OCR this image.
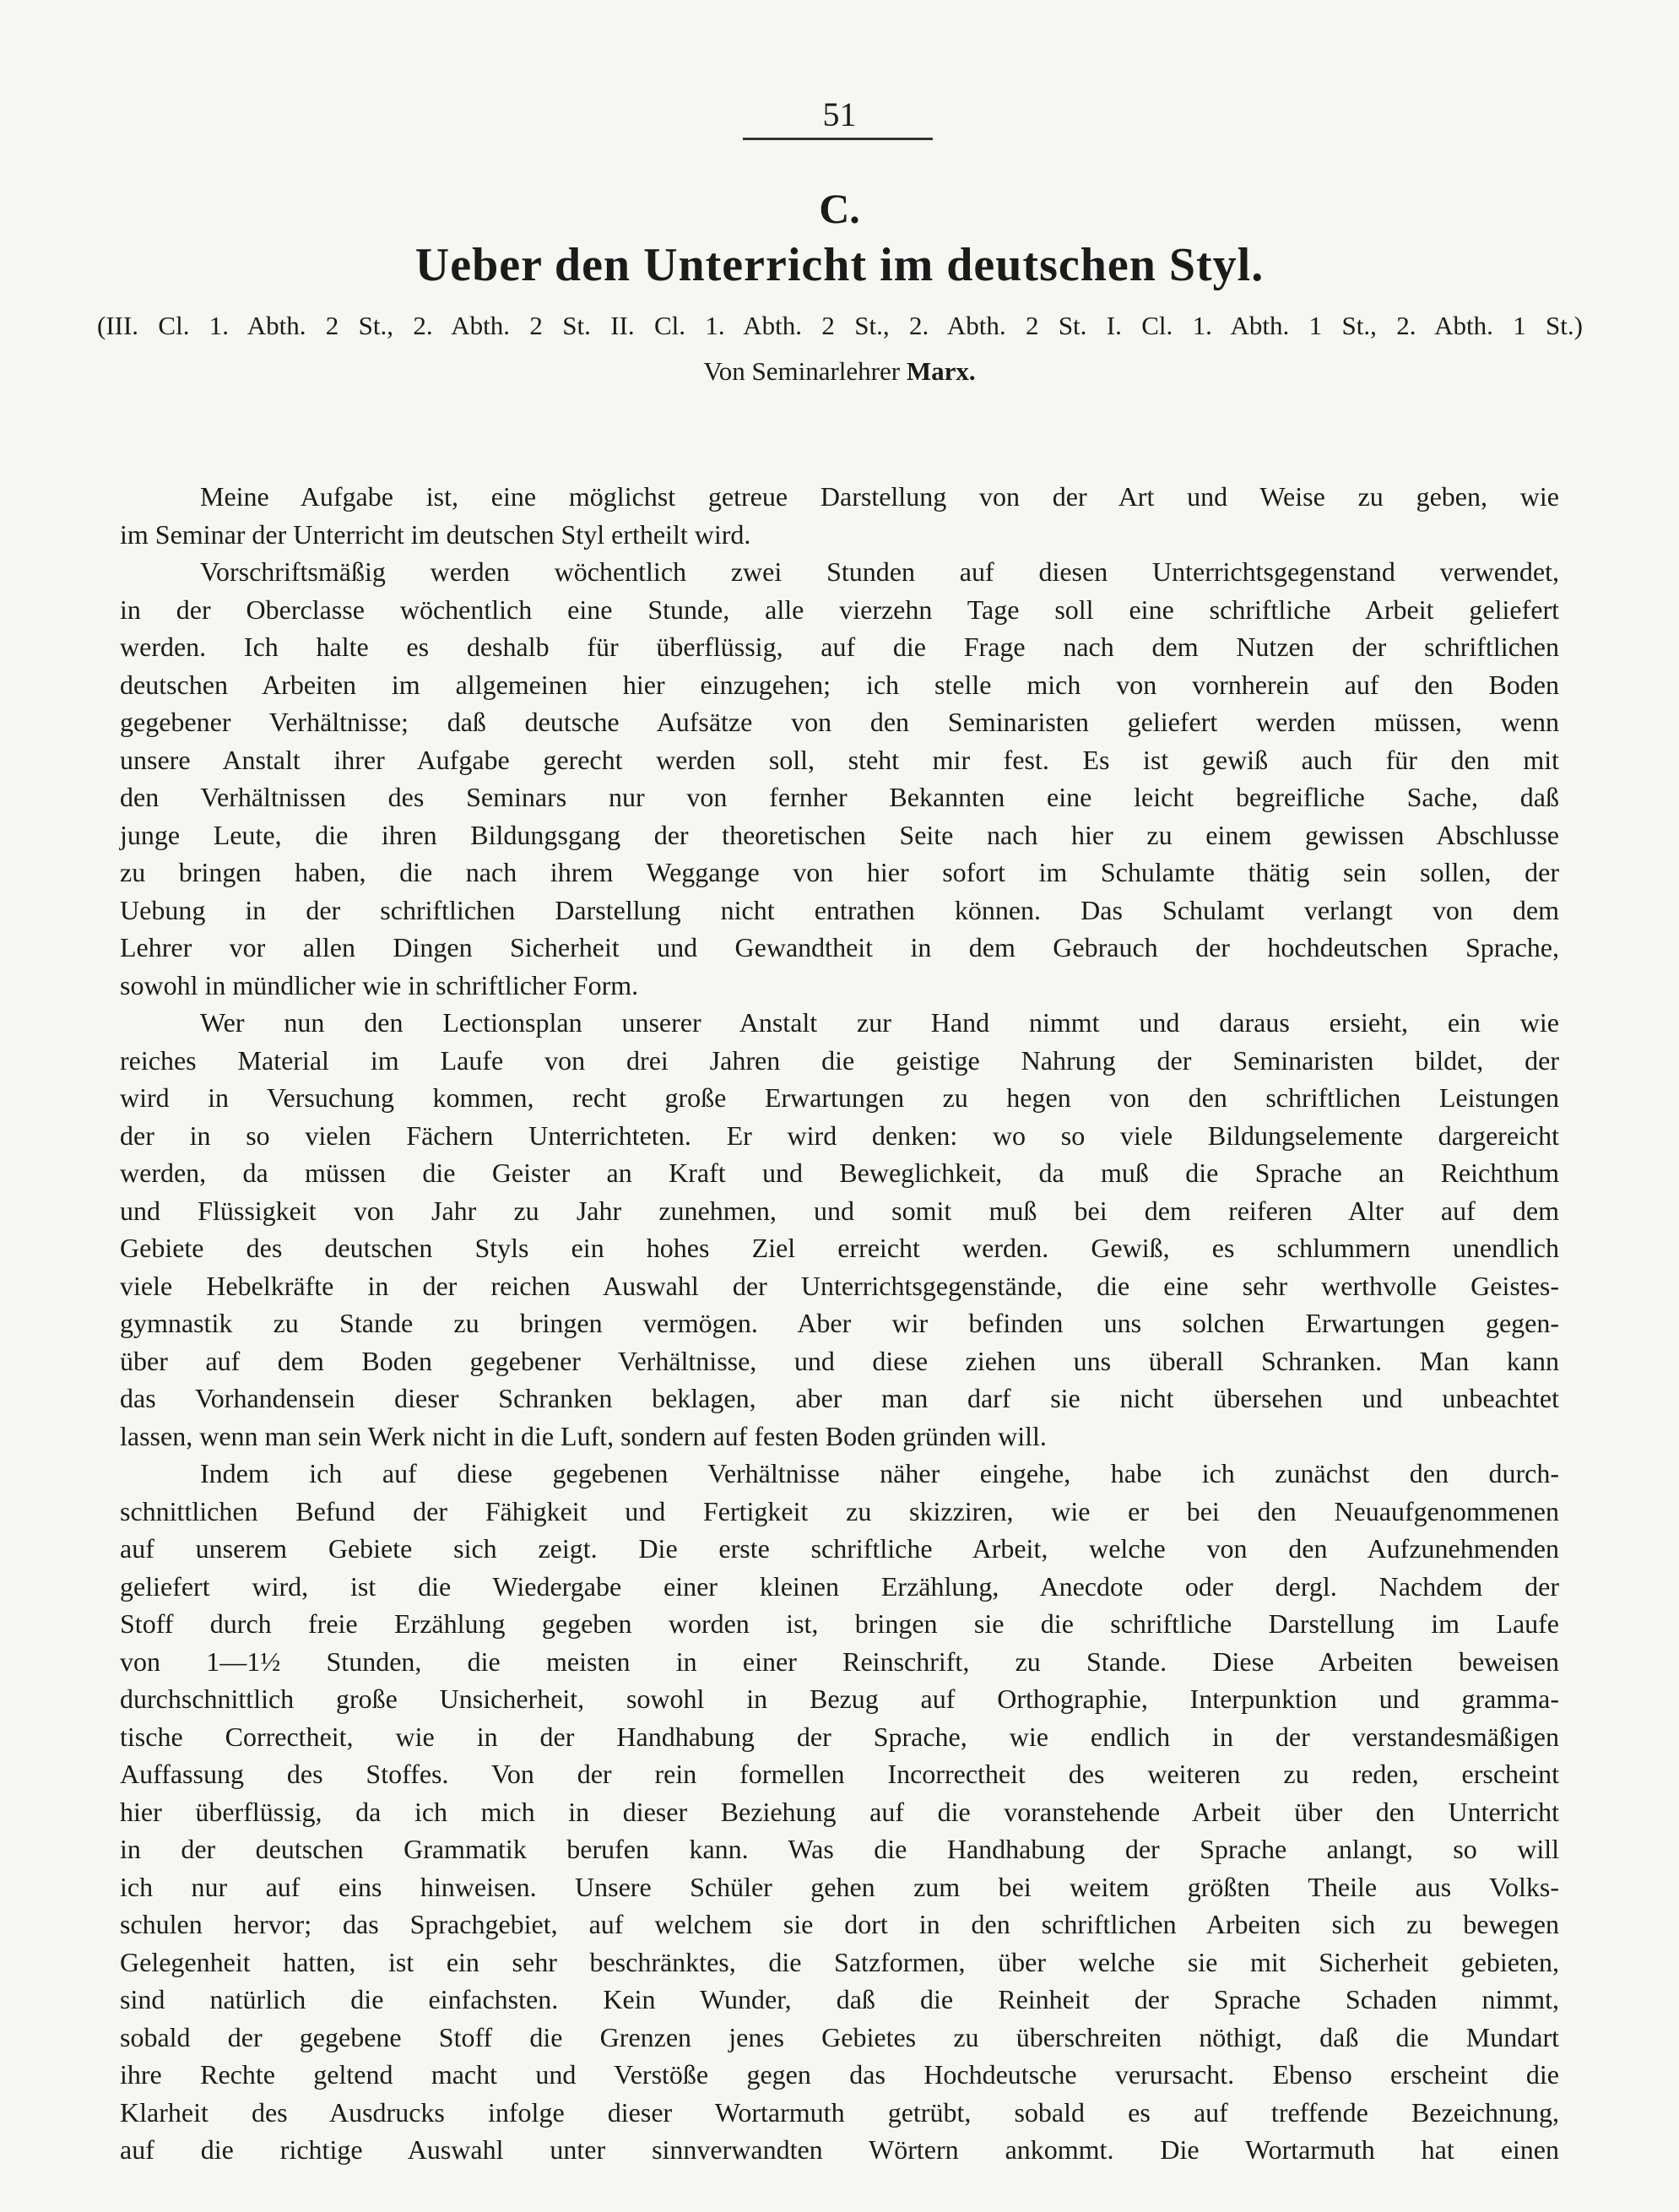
51
C.
Ueber den Unterricht im deutschen Styl.
(III. Cl. 1. Abth. 2 St., 2. Abth. 2 St. II. Cl. 1. Abth. 2 St., 2. Abth. 2 St. I. Cl. 1. Abth. 1 St., 2. Abth. 1 St.)
Von Seminarlehrer Marx.
Meine Aufgabe ist, eine möglichst getreue Darstellung von der Art und Weise zu geben, wie
im Seminar der Unterricht im deutschen Styl ertheilt wird.
Vorschriftsmäßig werden wöchentlich zwei Stunden auf diesen Unterrichtsgegenstand verwendet,
in der Oberclasse wöchentlich eine Stunde, alle vierzehn Tage soll eine schriftliche Arbeit geliefert
werden. Ich halte es deshalb für überflüssig, auf die Frage nach dem Nutzen der schriftlichen
deutschen Arbeiten im allgemeinen hier einzugehen; ich stelle mich von vornherein auf den Boden
gegebener Verhältnisse; daß deutsche Aufsätze von den Seminaristen geliefert werden müssen, wenn
unsere Anstalt ihrer Aufgabe gerecht werden soll, steht mir fest. Es ist gewiß auch für den mit
den Verhältnissen des Seminars nur von fernher Bekannten eine leicht begreifliche Sache, daß
junge Leute, die ihren Bildungsgang der theoretischen Seite nach hier zu einem gewissen Abschlusse
zu bringen haben, die nach ihrem Weggange von hier sofort im Schulamte thätig sein sollen, der
Uebung in der schriftlichen Darstellung nicht entrathen können. Das Schulamt verlangt von dem
Lehrer vor allen Dingen Sicherheit und Gewandtheit in dem Gebrauch der hochdeutschen Sprache,
sowohl in mündlicher wie in schriftlicher Form.
Wer nun den Lectionsplan unserer Anstalt zur Hand nimmt und daraus ersieht, ein wie
reiches Material im Laufe von drei Jahren die geistige Nahrung der Seminaristen bildet, der
wird in Versuchung kommen, recht große Erwartungen zu hegen von den schriftlichen Leistungen
der in so vielen Fächern Unterrichteten. Er wird denken: wo so viele Bildungselemente dargereicht
werden, da müssen die Geister an Kraft und Beweglichkeit, da muß die Sprache an Reichthum
und Flüssigkeit von Jahr zu Jahr zunehmen, und somit muß bei dem reiferen Alter auf dem
Gebiete des deutschen Styls ein hohes Ziel erreicht werden. Gewiß, es schlummern unendlich
viele Hebelkräfte in der reichen Auswahl der Unterrichtsgegenstände, die eine sehr werthvolle Geistes-
gymnastik zu Stande zu bringen vermögen. Aber wir befinden uns solchen Erwartungen gegen-
über auf dem Boden gegebener Verhältnisse, und diese ziehen uns überall Schranken. Man kann
das Vorhandensein dieser Schranken beklagen, aber man darf sie nicht übersehen und unbeachtet
lassen, wenn man sein Werk nicht in die Luft, sondern auf festen Boden gründen will.
Indem ich auf diese gegebenen Verhältnisse näher eingehe, habe ich zunächst den durch-
schnittlichen Befund der Fähigkeit und Fertigkeit zu skizziren, wie er bei den Neuaufgenommenen
auf unserem Gebiete sich zeigt. Die erste schriftliche Arbeit, welche von den Aufzunehmenden
geliefert wird, ist die Wiedergabe einer kleinen Erzählung, Anecdote oder dergl. Nachdem der
Stoff durch freie Erzählung gegeben worden ist, bringen sie die schriftliche Darstellung im Laufe
von 1—1½ Stunden, die meisten in einer Reinschrift, zu Stande. Diese Arbeiten beweisen
durchschnittlich große Unsicherheit, sowohl in Bezug auf Orthographie, Interpunktion und gramma-
tische Correctheit, wie in der Handhabung der Sprache, wie endlich in der verstandesmäßigen
Auffassung des Stoffes. Von der rein formellen Incorrectheit des weiteren zu reden, erscheint
hier überflüssig, da ich mich in dieser Beziehung auf die voranstehende Arbeit über den Unterricht
in der deutschen Grammatik berufen kann. Was die Handhabung der Sprache anlangt, so will
ich nur auf eins hinweisen. Unsere Schüler gehen zum bei weitem größten Theile aus Volks-
schulen hervor; das Sprachgebiet, auf welchem sie dort in den schriftlichen Arbeiten sich zu bewegen
Gelegenheit hatten, ist ein sehr beschränktes, die Satzformen, über welche sie mit Sicherheit gebieten,
sind natürlich die einfachsten. Kein Wunder, daß die Reinheit der Sprache Schaden nimmt,
sobald der gegebene Stoff die Grenzen jenes Gebietes zu überschreiten nöthigt, daß die Mundart
ihre Rechte geltend macht und Verstöße gegen das Hochdeutsche verursacht. Ebenso erscheint die
Klarheit des Ausdrucks infolge dieser Wortarmuth getrübt, sobald es auf treffende Bezeichnung,
auf die richtige Auswahl unter sinnverwandten Wörtern ankommt. Die Wortarmuth hat einen
